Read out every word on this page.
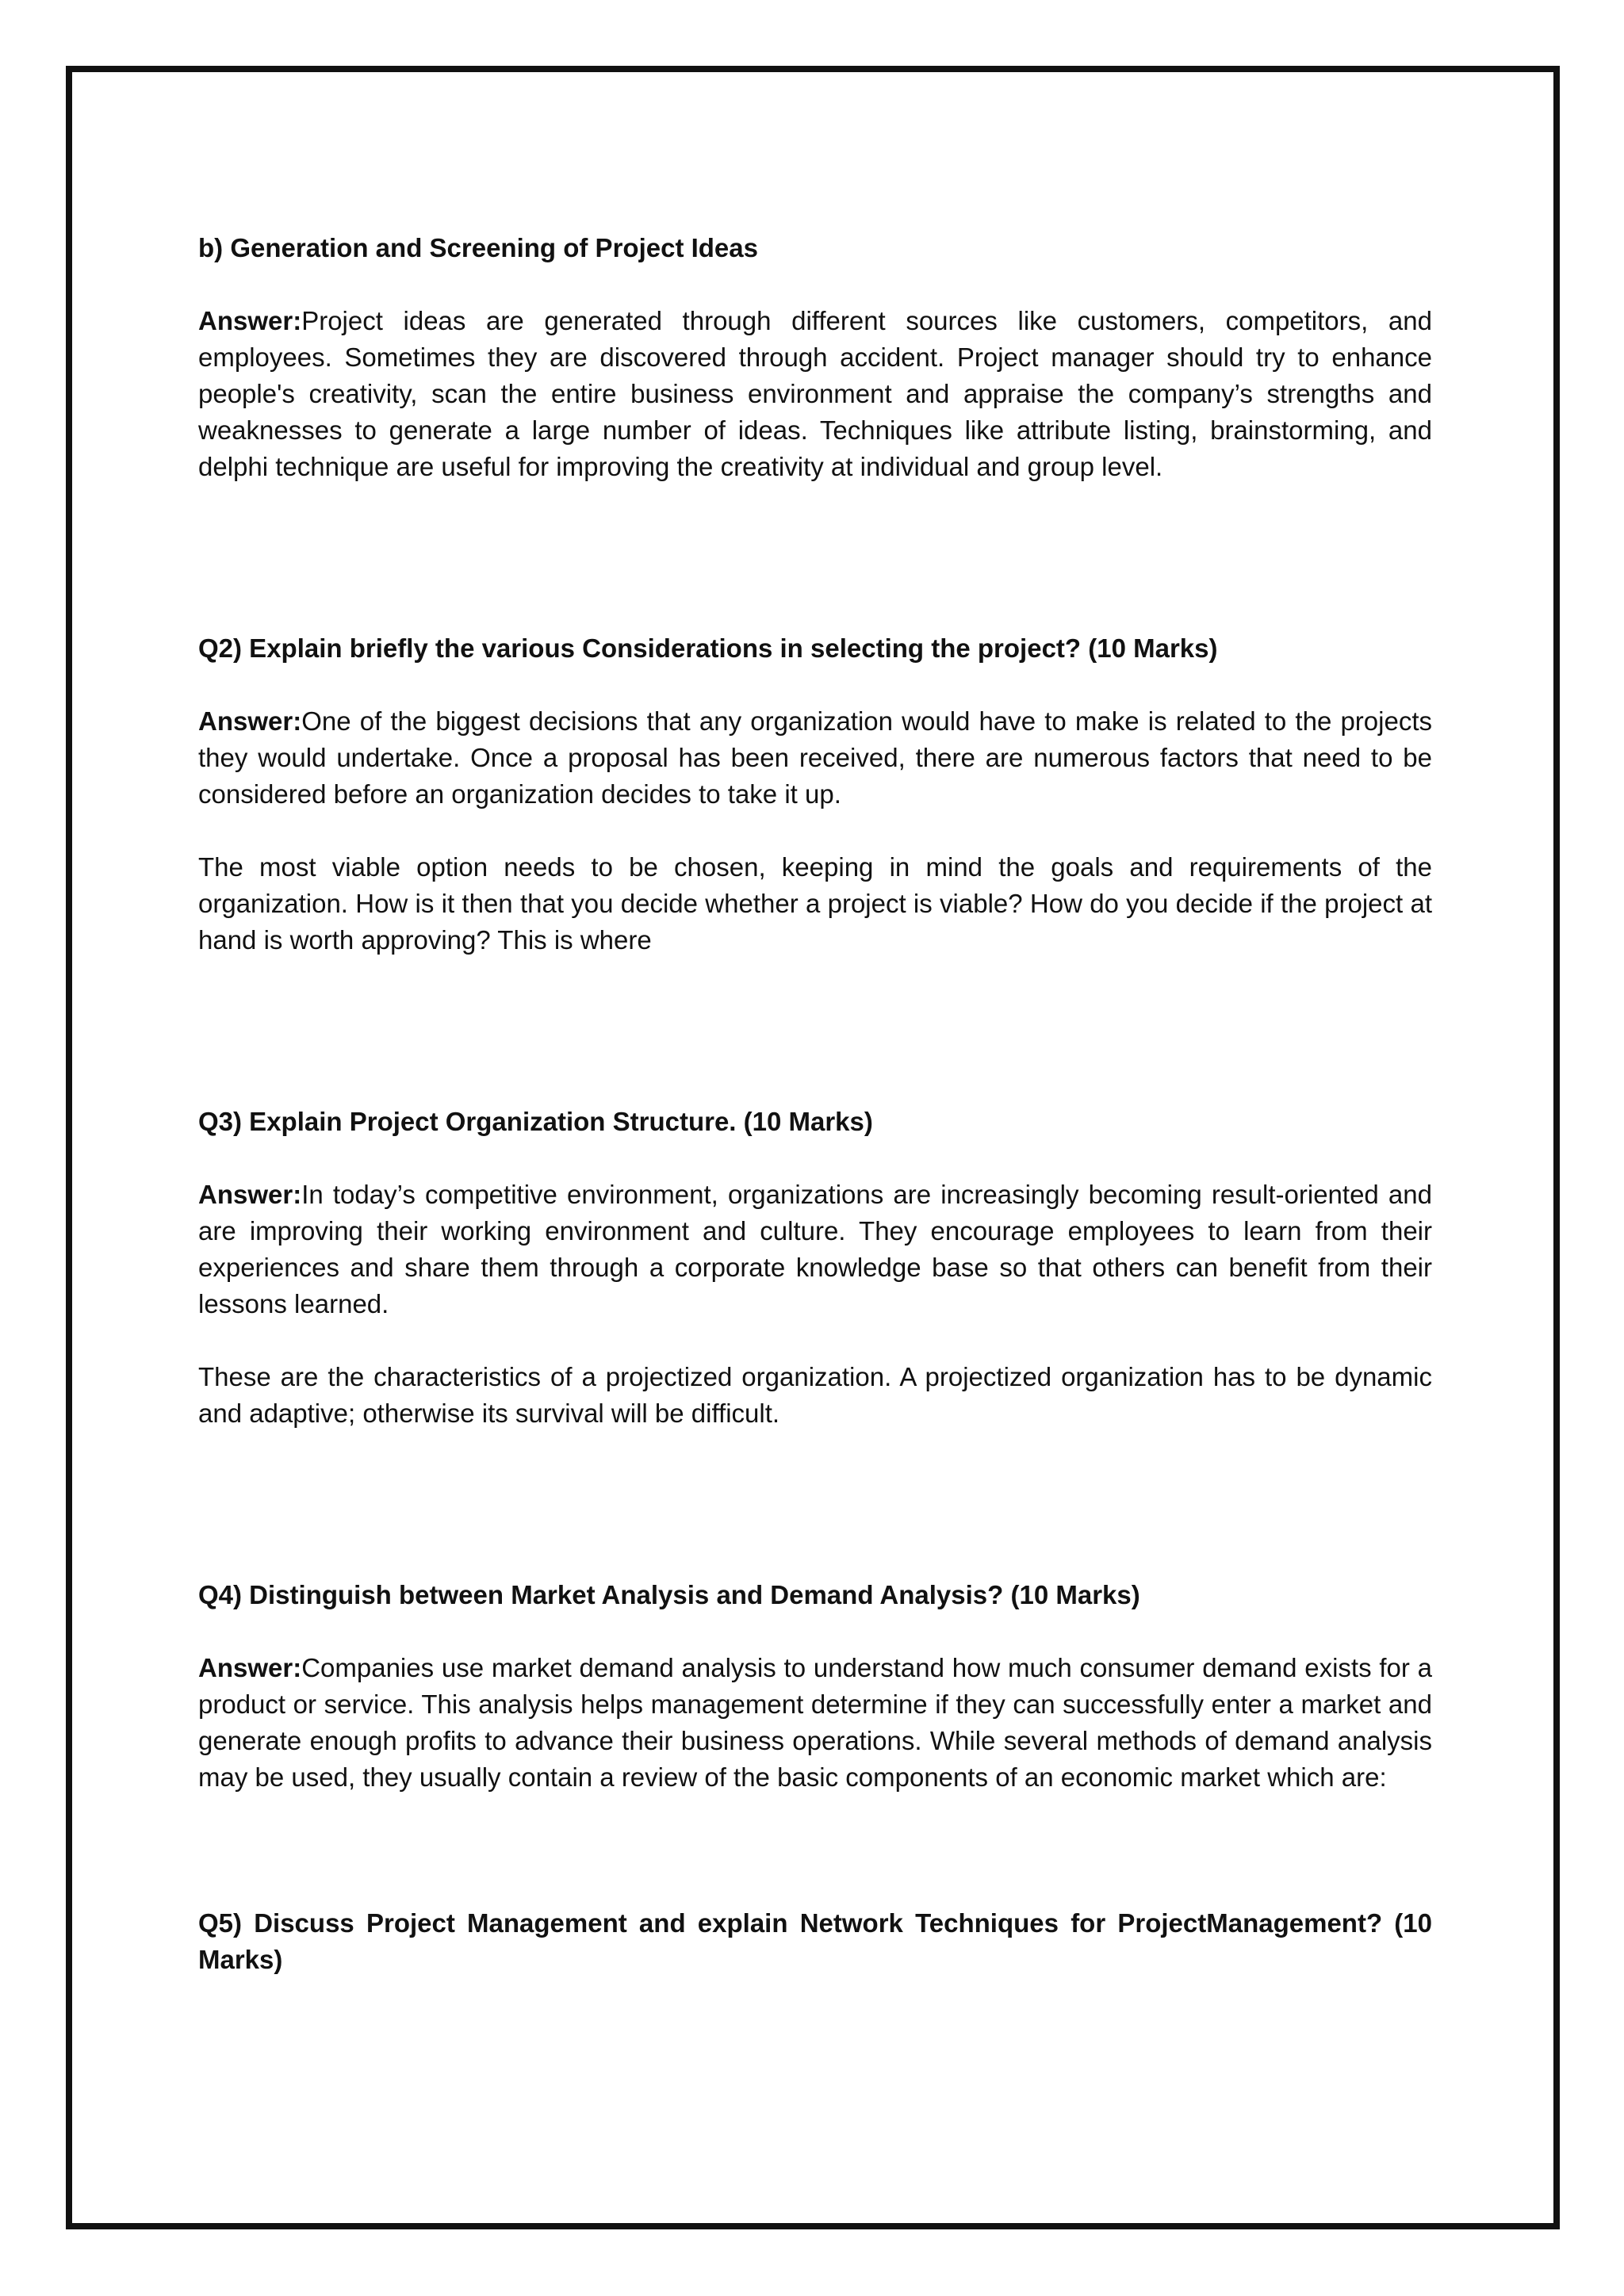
b) Generation and Screening of Project Ideas

Answer:Project ideas are generated through different sources like customers, competitors, and employees. Sometimes they are discovered through accident. Project manager should try to enhance people's creativity, scan the entire business environment and appraise the company’s strengths and weaknesses to generate a large number of ideas. Techniques like attribute listing, brainstorming, and delphi technique are useful for improving the creativity at individual and group level.

Q2) Explain briefly the various Considerations in selecting the project? (10 Marks)

Answer:One of the biggest decisions that any organization would have to make is related to the projects they would undertake. Once a proposal has been received, there are numerous factors that need to be considered before an organization decides to take it up.

The most viable option needs to be chosen, keeping in mind the goals and requirements of the organization. How is it then that you decide whether a project is viable? How do you decide if the project at hand is worth approving? This is where

Q3) Explain Project Organization Structure. (10 Marks)

Answer:In today’s competitive environment, organizations are increasingly becoming result-oriented and are improving their working environment and culture. They encourage employees to learn from their experiences and share them through a corporate knowledge base so that others can benefit from their lessons learned.

These are the characteristics of a projectized organization. A projectized organization has to be dynamic and adaptive; otherwise its survival will be difficult.

Q4) Distinguish between Market Analysis and Demand Analysis? (10 Marks)

Answer:Companies use market demand analysis to understand how much consumer demand exists for a product or service. This analysis helps management determine if they can successfully enter a market and generate enough profits to advance their business operations. While several methods of demand analysis may be used, they usually contain a review of the basic components of an economic market which are:

Q5) Discuss Project Management and explain Network Techniques for ProjectManagement? (10 Marks)
